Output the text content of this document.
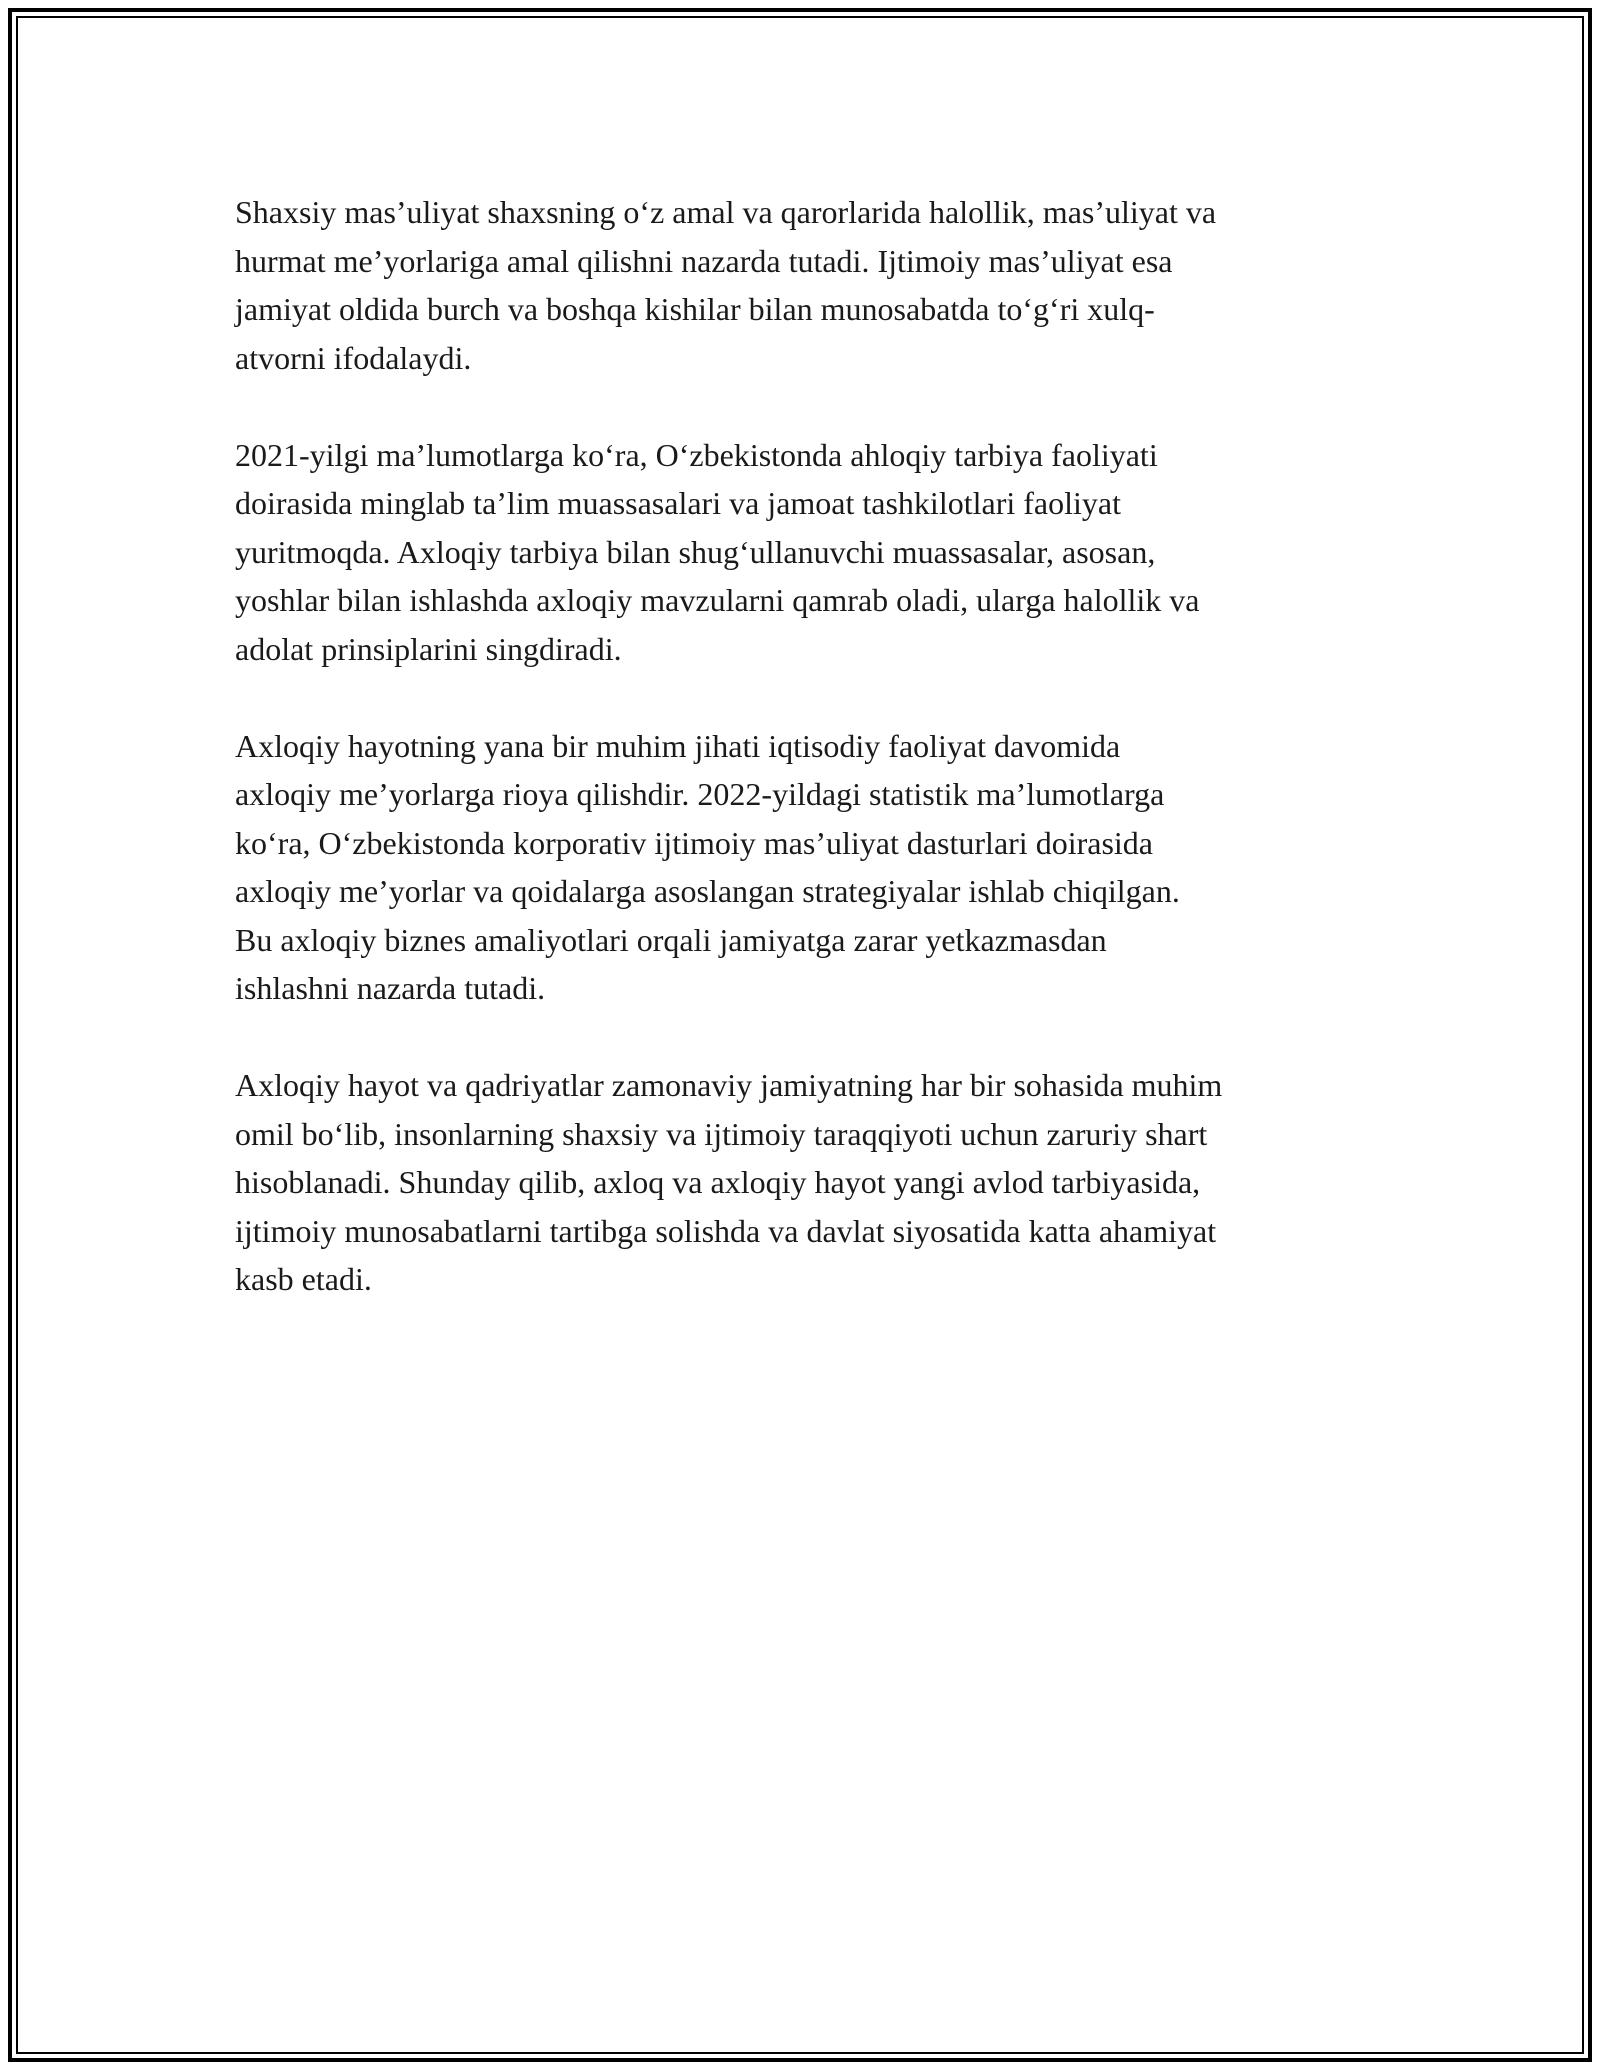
Shaxsiy mas’uliyat shaxsning o‘z amal va qarorlarida halollik, mas’uliyat va
hurmat me’yorlariga amal qilishni nazarda tutadi. Ijtimoiy mas’uliyat esa
jamiyat oldida burch va boshqa kishilar bilan munosabatda to‘g‘ri xulq-
atvorni ifodalaydi.

2021-yilgi ma’lumotlarga ko‘ra, O‘zbekistonda ahloqiy tarbiya faoliyati
doirasida minglab ta’lim muassasalari va jamoat tashkilotlari faoliyat
yuritmoqda. Axloqiy tarbiya bilan shug‘ullanuvchi muassasalar, asosan,
yoshlar bilan ishlashda axloqiy mavzularni qamrab oladi, ularga halollik va
adolat prinsiplarini singdiradi.

Axloqiy hayotning yana bir muhim jihati iqtisodiy faoliyat davomida
axloqiy me’yorlarga rioya qilishdir. 2022-yildagi statistik ma’lumotlarga
ko‘ra, O‘zbekistonda korporativ ijtimoiy mas’uliyat dasturlari doirasida
axloqiy me’yorlar va qoidalarga asoslangan strategiyalar ishlab chiqilgan.
Bu axloqiy biznes amaliyotlari orqali jamiyatga zarar yetkazmasdan
ishlashni nazarda tutadi.

Axloqiy hayot va qadriyatlar zamonaviy jamiyatning har bir sohasida muhim
omil bo‘lib, insonlarning shaxsiy va ijtimoiy taraqqiyoti uchun zaruriy shart
hisoblanadi. Shunday qilib, axloq va axloqiy hayot yangi avlod tarbiyasida,
ijtimoiy munosabatlarni tartibga solishda va davlat siyosatida katta ahamiyat
kasb etadi.
